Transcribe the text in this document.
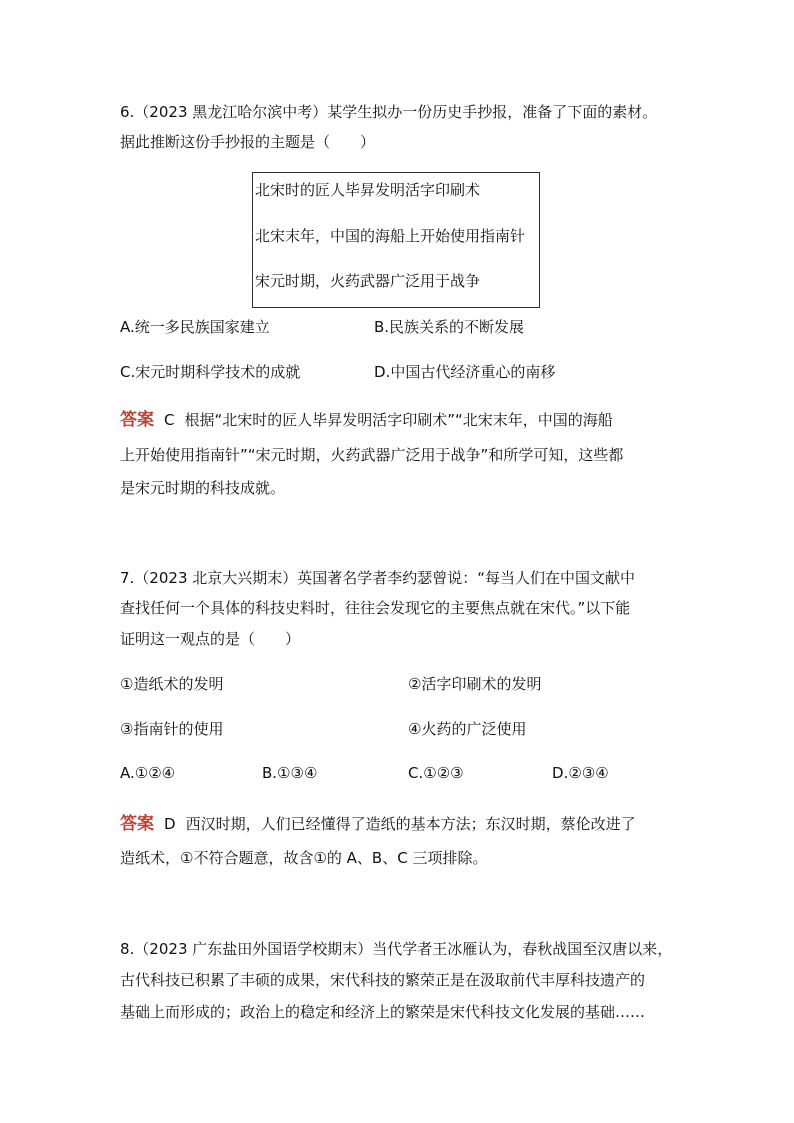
6.（2023 黑龙江哈尔滨中考）某学生拟办一份历史手抄报，准备了下面的素材。
据此推断这份手抄报的主题是（　　）
北宋时的匠人毕昇发明活字印刷术
北宋末年，中国的海船上开始使用指南针
宋元时期，火药武器广泛用于战争
A.统一多民族国家建立	B.民族关系的不断发展
C.宋元时期科学技术的成就	D.中国古代经济重心的南移
答案 C 根据“北宋时的匠人毕昇发明活字印刷术”“北宋末年，中国的海船
上开始使用指南针”“宋元时期，火药武器广泛用于战争”和所学可知，这些都
是宋元时期的科技成就。
7.（2023 北京大兴期末）英国著名学者李约瑟曾说：“每当人们在中国文献中
查找任何一个具体的科技史料时，往往会发现它的主要焦点就在宋代。”以下能
证明这一观点的是（　　）
①造纸术的发明	②活字印刷术的发明
③指南针的使用	④火药的广泛使用
A.①②④	B.①③④	C.①②③	D.②③④
答案 D 西汉时期，人们已经懂得了造纸的基本方法；东汉时期，蔡伦改进了
造纸术，①不符合题意，故含①的 A、B、C 三项排除。
8.（2023 广东盐田外国语学校期末）当代学者王冰雁认为，春秋战国至汉唐以来，
古代科技已积累了丰硕的成果，宋代科技的繁荣正是在汲取前代丰厚科技遗产的
基础上而形成的；政治上的稳定和经济上的繁荣是宋代科技文化发展的基础……
